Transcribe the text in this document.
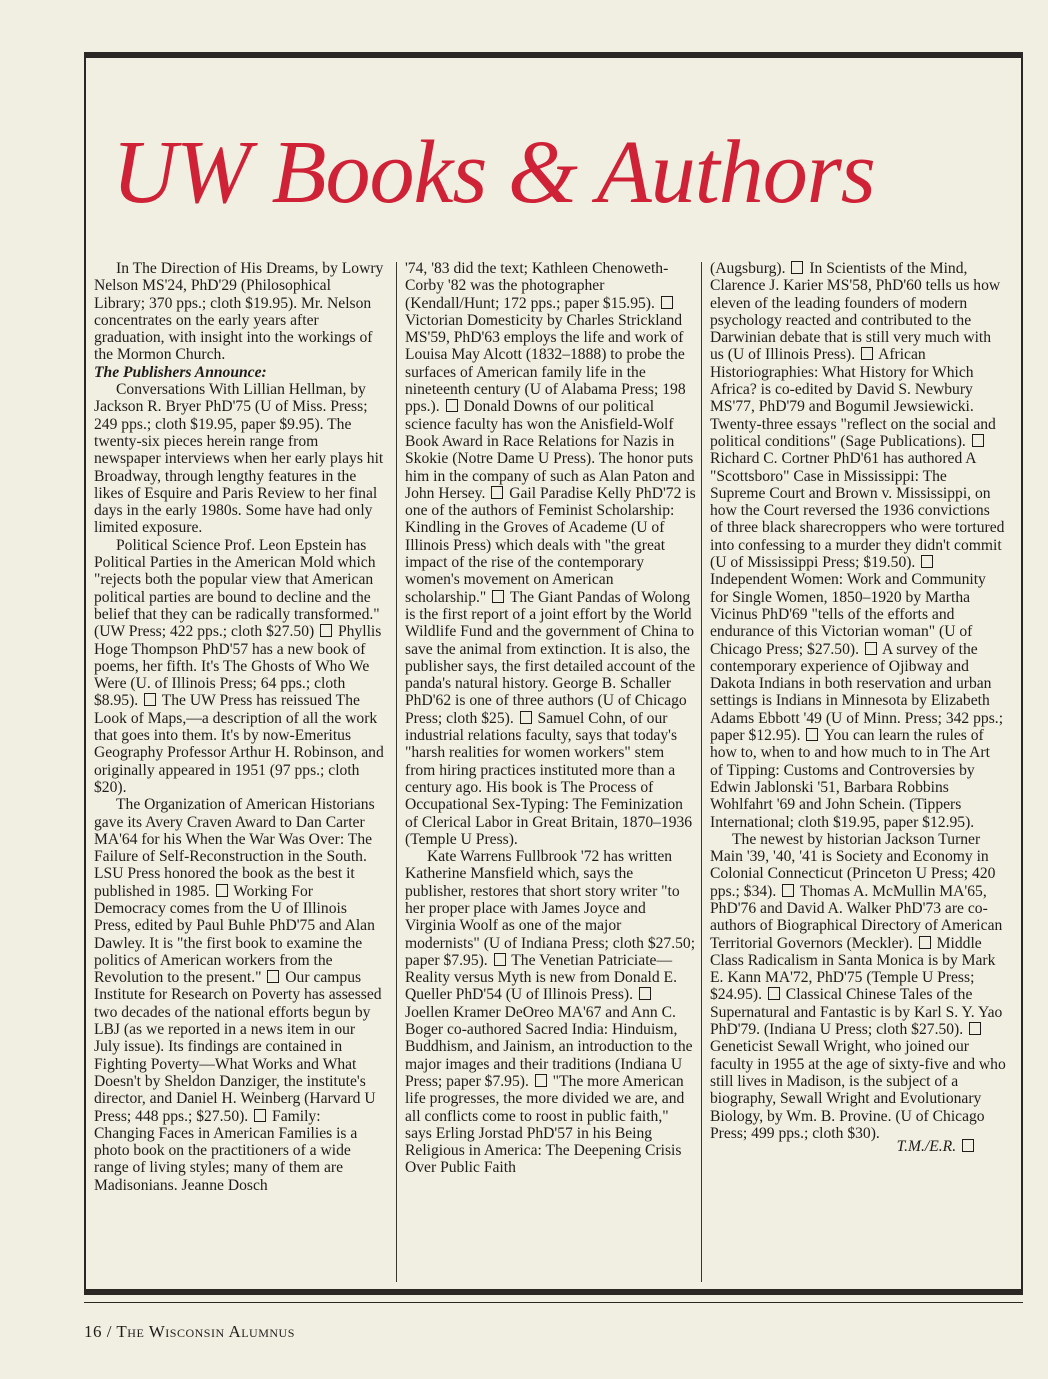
UW Books & Authors

In The Direction of His Dreams, by Lowry Nelson MS'24, PhD'29 (Philosophical Library; 370 pps.; cloth $19.95). Mr. Nelson concentrates on the early years after graduation, with insight into the workings of the Mormon Church.

The Publishers Announce:

Conversations With Lillian Hellman, by Jackson R. Bryer PhD'75 (U of Miss. Press; 249 pps.; cloth $19.95, paper $9.95). The twenty-six pieces herein range from newspaper interviews when her early plays hit Broadway, through lengthy features in the likes of Esquire and Paris Review to her final days in the early 1980s. Some have had only limited exposure.

Political Science Prof. Leon Epstein has Political Parties in the American Mold which "rejects both the popular view that American political parties are bound to decline and the belief that they can be radically transformed." (UW Press; 422 pps.; cloth $27.50) Phyllis Hoge Thompson PhD'57 has a new book of poems, her fifth. It's The Ghosts of Who We Were (U. of Illinois Press; 64 pps.; cloth $8.95). The UW Press has reissued The Look of Maps,—a description of all the work that goes into them. It's by now-Emeritus Geography Professor Arthur H. Robinson, and originally appeared in 1951 (97 pps.; cloth $20).

The Organization of American Historians gave its Avery Craven Award to Dan Carter MA'64 for his When the War Was Over: The Failure of Self-Reconstruction in the South. LSU Press honored the book as the best it published in 1985. Working For Democracy comes from the U of Illinois Press, edited by Paul Buhle PhD'75 and Alan Dawley. It is "the first book to examine the politics of American workers from the Revolution to the present." Our campus Institute for Research on Poverty has assessed two decades of the national efforts begun by LBJ (as we reported in a news item in our July issue). Its findings are contained in Fighting Poverty—What Works and What Doesn't by Sheldon Danziger, the institute's director, and Daniel H. Weinberg (Harvard U Press; 448 pps.; $27.50). Family: Changing Faces in American Families is a photo book on the practitioners of a wide range of living styles; many of them are Madisonians. Jeanne Dosch

'74, '83 did the text; Kathleen Chenoweth-Corby '82 was the photographer (Kendall/Hunt; 172 pps.; paper $15.95).  Victorian Domesticity by Charles Strickland MS'59, PhD'63 employs the life and work of Louisa May Alcott (1832–1888) to probe the surfaces of American family life in the nineteenth century (U of Alabama Press; 198 pps.). Donald Downs of our political science faculty has won the Anisfield-Wolf Book Award in Race Relations for Nazis in Skokie (Notre Dame U Press). The honor puts him in the company of such as Alan Paton and John Hersey. Gail Paradise Kelly PhD'72 is one of the authors of Feminist Scholarship: Kindling in the Groves of Academe (U of Illinois Press) which deals with "the great impact of the rise of the contemporary women's movement on American scholarship." The Giant Pandas of Wolong is the first report of a joint effort by the World Wildlife Fund and the government of China to save the animal from extinction. It is also, the publisher says, the first detailed account of the panda's natural history. George B. Schaller PhD'62 is one of three authors (U of Chicago Press; cloth $25). Samuel Cohn, of our industrial relations faculty, says that today's "harsh realities for women workers" stem from hiring practices instituted more than a century ago. His book is The Process of Occupational Sex-Typing: The Feminization of Clerical Labor in Great Britain, 1870–1936 (Temple U Press).

Kate Warrens Fullbrook '72 has written Katherine Mansfield which, says the publisher, restores that short story writer "to her proper place with James Joyce and Virginia Woolf as one of the major modernists" (U of Indiana Press; cloth $27.50; paper $7.95). The Venetian Patriciate—Reality versus Myth is new from Donald E. Queller PhD'54 (U of Illinois Press).  Joellen Kramer DeOreo MA'67 and Ann C. Boger co-authored Sacred India: Hinduism, Buddhism, and Jainism, an introduction to the major images and their traditions (Indiana U Press; paper $7.95). "The more American life progresses, the more divided we are, and all conflicts come to roost in public faith," says Erling Jorstad PhD'57 in his Being Religious in America: The Deepening Crisis Over Public Faith

(Augsburg). In Scientists of the Mind, Clarence J. Karier MS'58, PhD'60 tells us how eleven of the leading founders of modern psychology reacted and contributed to the Darwinian debate that is still very much with us (U of Illinois Press). African Historiographies: What History for Which Africa? is co-edited by David S. Newbury MS'77, PhD'79 and Bogumil Jewsiewicki. Twenty-three essays "reflect on the social and political conditions" (Sage Publications).  Richard C. Cortner PhD'61 has authored A "Scottsboro" Case in Mississippi: The Supreme Court and Brown v. Mississippi, on how the Court reversed the 1936 convictions of three black sharecroppers who were tortured into confessing to a murder they didn't commit (U of Mississippi Press; $19.50).  Independent Women: Work and Community for Single Women, 1850–1920 by Martha Vicinus PhD'69 "tells of the efforts and endurance of this Victorian woman" (U of Chicago Press; $27.50). A survey of the contemporary experience of Ojibway and Dakota Indians in both reservation and urban settings is Indians in Minnesota by Elizabeth Adams Ebbott '49 (U of Minn. Press; 342 pps.; paper $12.95). You can learn the rules of how to, when to and how much to in The Art of Tipping: Customs and Controversies by Edwin Jablonski '51, Barbara Robbins Wohlfahrt '69 and John Schein. (Tippers International; cloth $19.95, paper $12.95).

The newest by historian Jackson Turner Main '39, '40, '41 is Society and Economy in Colonial Connecticut (Princeton U Press; 420 pps.; $34). Thomas A. McMullin MA'65, PhD'76 and David A. Walker PhD'73 are co-authors of Biographical Directory of American Territorial Governors (Meckler). Middle Class Radicalism in Santa Monica is by Mark E. Kann MA'72, PhD'75 (Temple U Press; $24.95). Classical Chinese Tales of the Supernatural and Fantastic is by Karl S. Y. Yao PhD'79. (Indiana U Press; cloth $27.50).  Geneticist Sewall Wright, who joined our faculty in 1955 at the age of sixty-five and who still lives in Madison, is the subject of a biography, Sewall Wright and Evolutionary Biology, by Wm. B. Provine. (U of Chicago Press; 499 pps.; cloth $30).

T.M./E.R.

16 / The Wisconsin Alumnus
